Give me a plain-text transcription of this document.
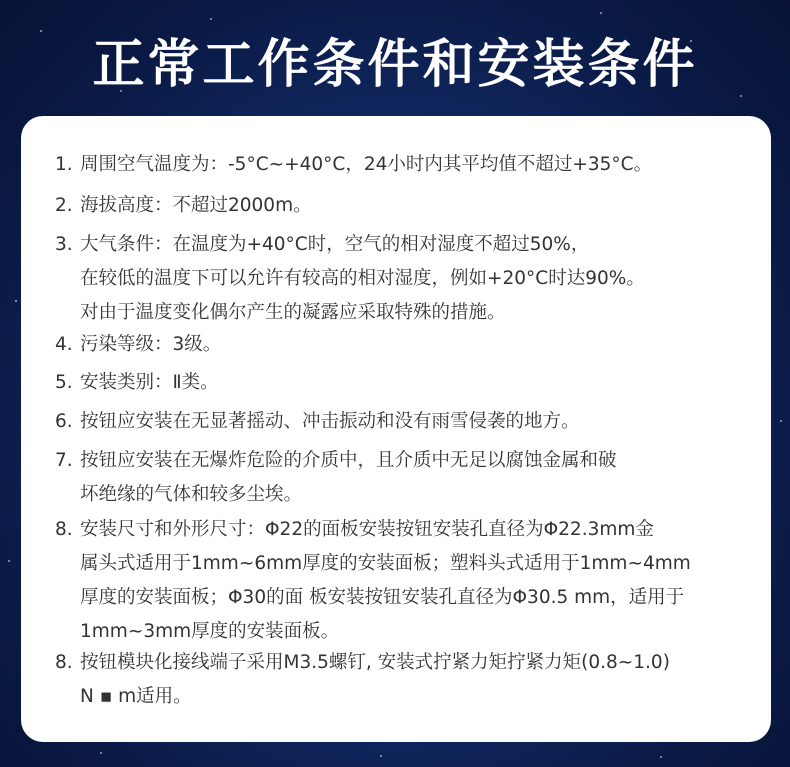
正常工作条件和安装条件
1. 周围空气温度为：-5°C~+40°C，24小时内其平均值不超过+35°C。
2. 海拔高度：不超过2000m。
3. 大气条件：在温度为+40°C时，空气的相对湿度不超过50%，
在较低的温度下可以允许有较高的相对湿度，例如+20°C时达90%。
对由于温度变化偶尔产生的凝露应采取特殊的措施。
4. 污染等级：3级。
5. 安装类别：Ⅱ类。
6. 按钮应安装在无显著摇动、冲击振动和没有雨雪侵袭的地方。
7. 按钮应安装在无爆炸危险的介质中，且介质中无足以腐蚀金属和破
坏绝缘的气体和较多尘埃。
8. 安装尺寸和外形尺寸：Φ22的面板安装按钮安装孔直径为Φ22.3mm金
属头式适用于1mm~6mm厚度的安装面板；塑料头式适用于1mm~4mm
厚度的安装面板；Φ30的面 板安装按钮安装孔直径为Φ30.5 mm，适用于
1mm~3mm厚度的安装面板。
8. 按钮模块化接线端子采用M3.5螺钉, 安装式拧紧力矩拧紧力矩(0.8~1.0)
N ▪ m适用。
